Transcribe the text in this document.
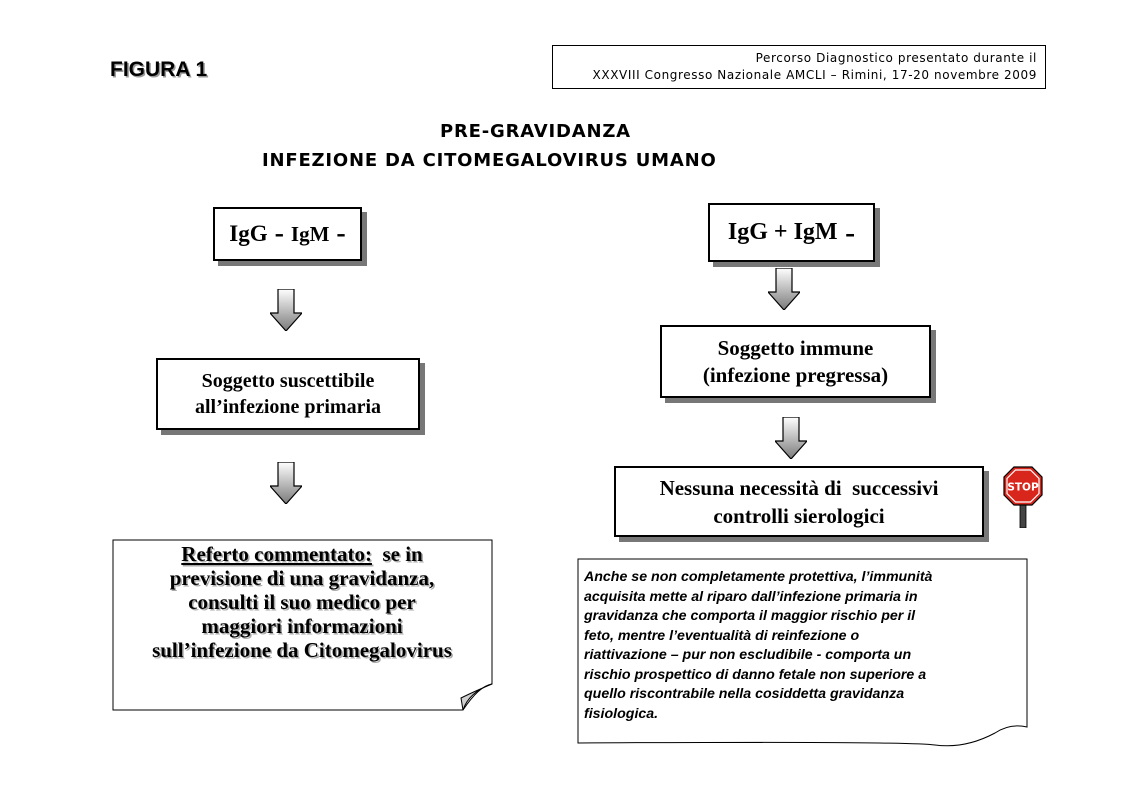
FIGURA 1	Percorso Diagnostico presentato durante il
XXXVIII Congresso Nazionale AMCLI – Rimini, 17-20 novembre 2009
PRE-GRAVIDANZA
INFEZIONE DA CITOMEGALOVIRUS UMANO
IgG - IgM -
Soggetto suscettibile
all’infezione primaria
Referto commentato:  se in
previsione di una gravidanza,
consulti il suo medico per
maggiori informazioni
sull’infezione da Citomegalovirus
IgG + IgM -
Soggetto immune
(infezione pregressa)
Nessuna necessità di  successivi
controlli sierologici
STOP
Anche se non completamente protettiva, l’immunità
acquisita mette al riparo dall’infezione primaria in
gravidanza che comporta il maggior rischio per il
feto, mentre l’eventualità di reinfezione o
riattivazione – pur non escludibile - comporta un
rischio prospettico di danno fetale non superiore a
quello riscontrabile nella cosiddetta gravidanza
fisiologica.
